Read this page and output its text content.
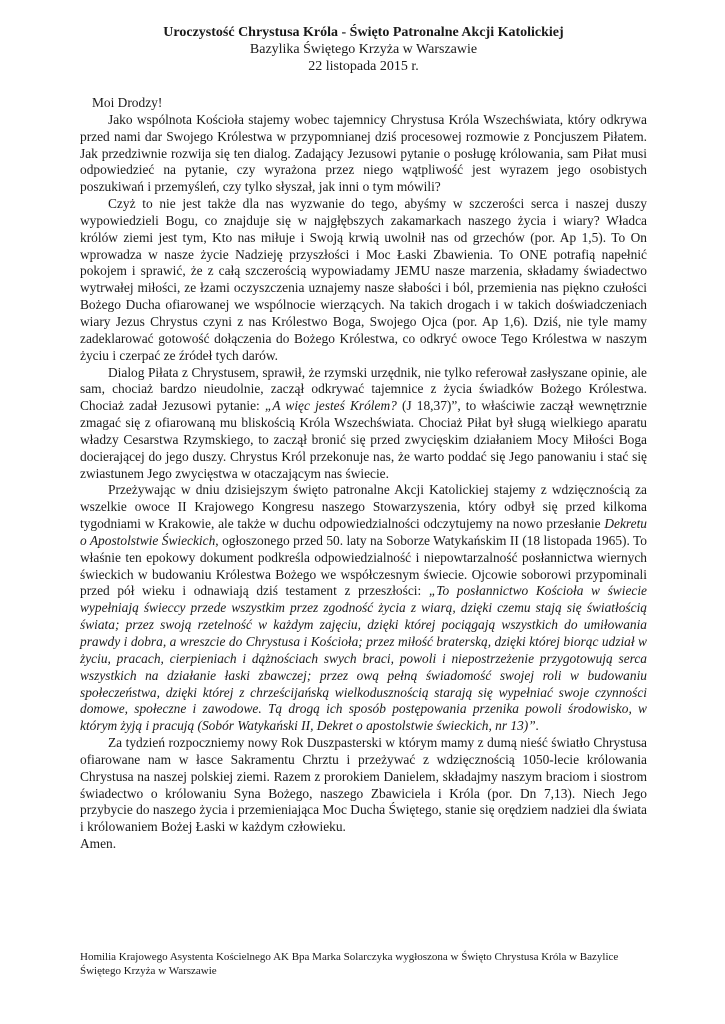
Uroczystość Chrystusa Króla - Święto Patronalne Akcji Katolickiej
Bazylika Świętego Krzyża w Warszawie
22 listopada 2015 r.

Moi Drodzy!

Jako wspólnota Kościoła stajemy wobec tajemnicy Chrystusa Króla Wszechświata, który odkrywa przed nami dar Swojego Królestwa w przypomnianej dziś procesowej rozmowie z Poncjuszem Piłatem. Jak przedziwnie rozwija się ten dialog. Zadający Jezusowi pytanie o posługę królowania, sam Piłat musi odpowiedzieć na pytanie, czy wyrażona przez niego wątpliwość jest wyrazem jego osobistych poszukiwań i przemyśleń, czy tylko słyszał, jak inni o tym mówili?

Czyż to nie jest także dla nas wyzwanie do tego, abyśmy w szczerości serca i naszej duszy wypowiedzieli Bogu, co znajduje się w najgłębszych zakamarkach naszego życia i wiary? Władca królów ziemi jest tym, Kto nas miłuje i Swoją krwią uwolnił nas od grzechów (por. Ap 1,5). To On wprowadza w nasze życie Nadzieję przyszłości i Moc Łaski Zbawienia. To ONE potrafią napełnić pokojem i sprawić, że z całą szczerością wypowiadamy JEMU nasze marzenia, składamy świadectwo wytrwałej miłości, ze łzami oczyszczenia uznajemy nasze słabości i ból, przemienia nas piękno czułości Bożego Ducha ofiarowanej we wspólnocie wierzących. Na takich drogach i w takich doświadczeniach wiary Jezus Chrystus czyni z nas Królestwo Boga, Swojego Ojca (por. Ap 1,6). Dziś, nie tyle mamy zadeklarować gotowość dołączenia do Bożego Królestwa, co odkryć owoce Tego Królestwa w naszym życiu i czerpać ze źródeł tych darów.

Dialog Piłata z Chrystusem, sprawił, że rzymski urzędnik, nie tylko referował zasłyszane opinie, ale sam, chociaż bardzo nieudolnie, zaczął odkrywać tajemnice z życia świadków Bożego Królestwa. Chociaż zadał Jezusowi pytanie: „A więc jesteś Królem? (J 18,37)”, to właściwie zaczął wewnętrznie zmagać się z ofiarowaną mu bliskością Króla Wszechświata. Chociaż Piłat był sługą wielkiego aparatu władzy Cesarstwa Rzymskiego, to zaczął bronić się przed zwycięskim działaniem Mocy Miłości Boga docierającej do jego duszy. Chrystus Król przekonuje nas, że warto poddać się Jego panowaniu i stać się zwiastunem Jego zwycięstwa w otaczającym nas świecie.

Przeżywając w dniu dzisiejszym święto patronalne Akcji Katolickiej stajemy z wdzięcznością za wszelkie owoce II Krajowego Kongresu naszego Stowarzyszenia, który odbył się przed kilkoma tygodniami w Krakowie, ale także w duchu odpowiedzialności odczytujemy na nowo przesłanie Dekretu o Apostolstwie Świeckich, ogłoszonego przed 50. laty na Soborze Watykańskim II (18 listopada 1965). To właśnie ten epokowy dokument podkreśla odpowiedzialność i niepowtarzalność posłannictwa wiernych świeckich w budowaniu Królestwa Bożego we współczesnym świecie. Ojcowie soborowi przypominali przed pół wieku i odnawiają dziś testament z przeszłości: „To posłannictwo Kościoła w świecie wypełniają świeccy przede wszystkim przez zgodność życia z wiarą, dzięki czemu stają się światłością świata; przez swoją rzetelność w każdym zajęciu, dzięki której pociągają wszystkich do umiłowania prawdy i dobra, a wreszcie do Chrystusa i Kościoła; przez miłość braterską, dzięki której biorąc udział w życiu, pracach, cierpieniach i dążnościach swych braci, powoli i niepostrzeżenie przygotowują serca wszystkich na działanie łaski zbawczej; przez ową pełną świadomość swojej roli w budowaniu społeczeństwa, dzięki której z chrześcijańską wielkodusznością starają się wypełniać swoje czynności domowe, społeczne i zawodowe. Tą drogą ich sposób postępowania przenika powoli środowisko, w którym żyją i pracują (Sobór Watykański II, Dekret o apostolstwie świeckich, nr 13)”.

Za tydzień rozpoczniemy nowy Rok Duszpasterski w którym mamy z dumą nieść światło Chrystusa ofiarowane nam w łasce Sakramentu Chrztu i przeżywać z wdzięcznością 1050-lecie królowania Chrystusa na naszej polskiej ziemi. Razem z prorokiem Danielem, składajmy naszym braciom i siostrom świadectwo o królowaniu Syna Bożego, naszego Zbawiciela i Króla (por. Dn 7,13). Niech Jego przybycie do naszego życia i przemieniająca Moc Ducha Świętego, stanie się orędziem nadziei dla świata i królowaniem Bożej Łaski w każdym człowieku.

Amen.

Homilia Krajowego Asystenta Kościelnego AK Bpa Marka Solarczyka wygłoszona w Święto Chrystusa Króla w Bazylice Świętego Krzyża w Warszawie
